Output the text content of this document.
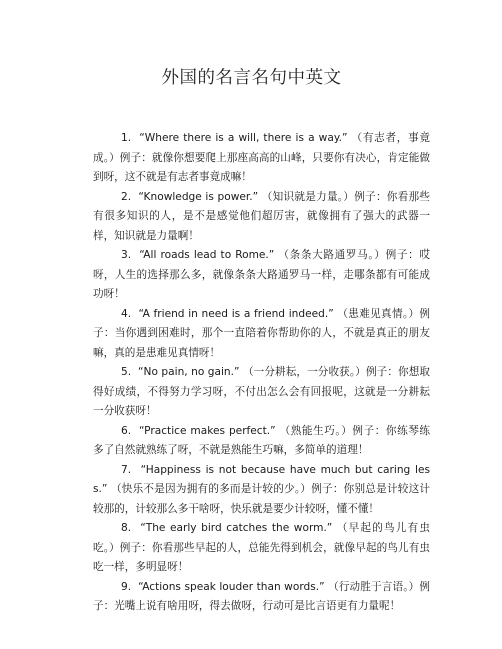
外国的名言名句中英文

1. “Where there is a will, there is a way.” （有志者，事竟成。）例子：就像你想要爬上那座高高的山峰，只要你有决心，肯定能做到呀，这不就是有志者事竟成嘛！

2. “Knowledge is power.” （知识就是力量。）例子：你看那些有很多知识的人，是不是感觉他们超厉害，就像拥有了强大的武器一样，知识就是力量啊！

3. “All roads lead to Rome.” （条条大路通罗马。）例子：哎呀，人生的选择那么多，就像条条大路通罗马一样，走哪条都有可能成功呀！

4. “A friend in need is a friend indeed.” （患难见真情。）例子：当你遇到困难时，那个一直陪着你帮助你的人，不就是真正的朋友嘛，真的是患难见真情呀！

5. “No pain, no gain.” （一分耕耘，一分收获。）例子：你想取得好成绩，不得努力学习呀，不付出怎么会有回报呢，这就是一分耕耘一分收获呀！

6. “Practice makes perfect.” （熟能生巧。）例子：你练琴练多了自然就熟练了呀，不就是熟能生巧嘛，多简单的道理！

7. “Happiness is not because have much but caring less.” （快乐不是因为拥有的多而是计较的少。）例子：你别总是计较这计较那的，计较那么多干啥呀，快乐就是要少计较呀，懂不懂！

8. “The early bird catches the worm.” （早起的鸟儿有虫吃。）例子：你看那些早起的人，总能先得到机会，就像早起的鸟儿有虫吃一样，多明显呀！

9. “Actions speak louder than words.” （行动胜于言语。）例子：光嘴上说有啥用呀，得去做呀，行动可是比言语更有力量呢！
